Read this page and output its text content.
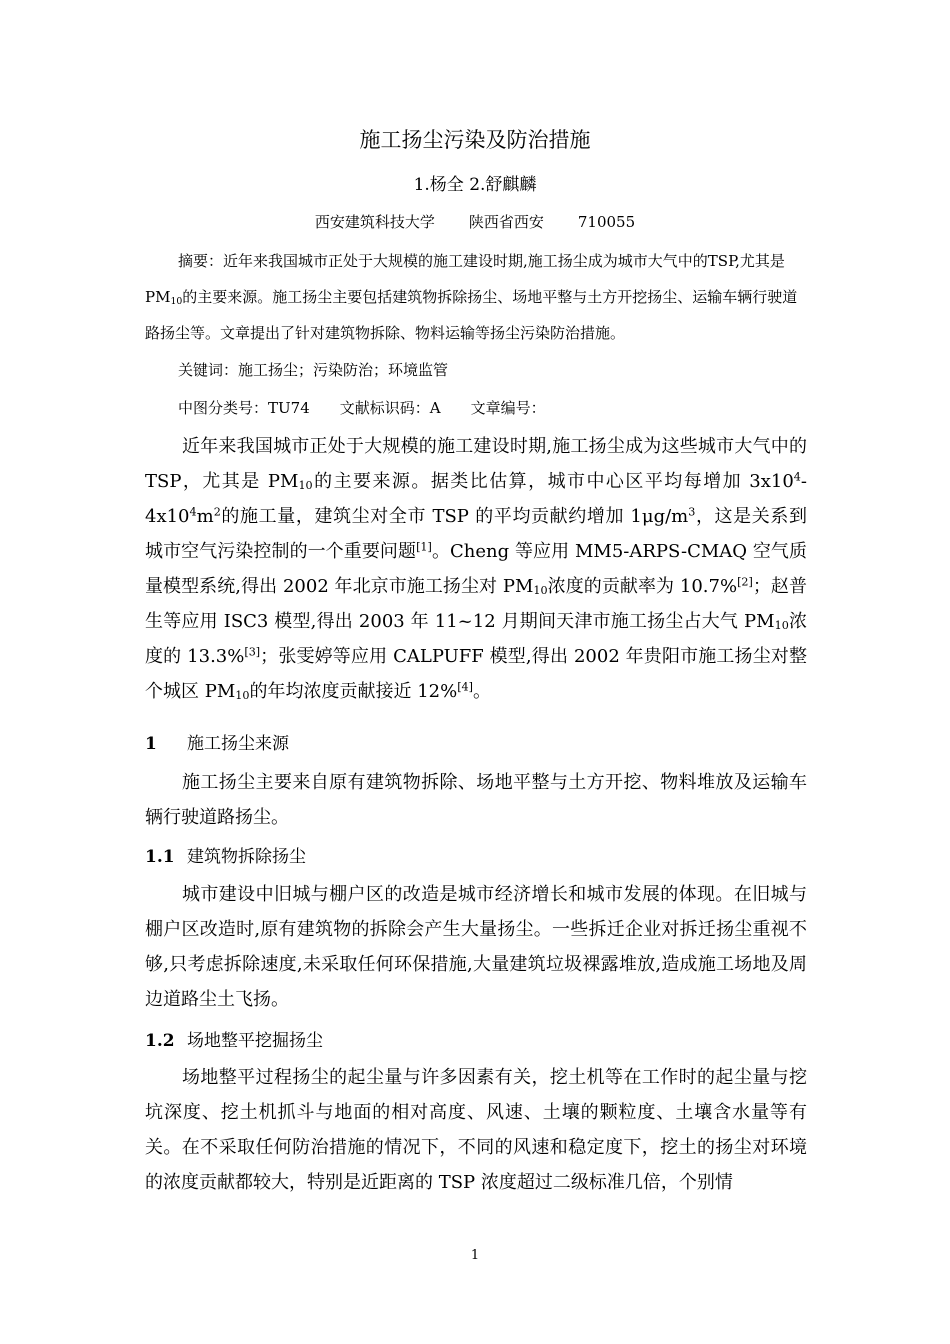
施工扬尘污染及防治措施
1.杨全 2.舒麒麟
西安建筑科技大学 陕西省西安 710055

摘要：近年来我国城市正处于大规模的施工建设时期,施工扬尘成为城市大气中的TSP,尤其是$PM_{10}$的主要来源。施工扬尘主要包括建筑物拆除扬尘、场地平整与土方开挖扬尘、运输车辆行驶道路扬尘等。文章提出了针对建筑物拆除、物料运输等扬尘污染防治措施。

关键词：施工扬尘；污染防治；环境监管
中图分类号：TU74 文献标识码：A 文章编号：

近年来我国城市正处于大规模的施工建设时期,施工扬尘成为这些城市大气中的 TSP，尤其是 $PM_{10}$的主要来源。据类比估算，城市中心区平均每增加 $3x10^4-4x10^4m^2$的施工量，建筑尘对全市 TSP 的平均贡献约增加 $1\mu g/m^3$，这是关系到城市空气污染控制的一个重要问题[1]。Cheng 等应用 MM5-ARPS-CMAQ 空气质量模型系统,得出 2002 年北京市施工扬尘对 $PM_{10}$浓度的贡献率为 10.7%[2]；赵普生等应用 ISC3 模型,得出 2003 年 11~12 月期间天津市施工扬尘占大气 $PM_{10}$浓度的 13.3%[3]；张雯婷等应用 CALPUFF 模型,得出 2002 年贵阳市施工扬尘对整个城区 $PM_{10}$的年均浓度贡献接近 12%[4]。

1 施工扬尘来源

施工扬尘主要来自原有建筑物拆除、场地平整与土方开挖、物料堆放及运输车辆行驶道路扬尘。

1.1 建筑物拆除扬尘

城市建设中旧城与棚户区的改造是城市经济增长和城市发展的体现。在旧城与棚户区改造时,原有建筑物的拆除会产生大量扬尘。一些拆迁企业对拆迁扬尘重视不够,只考虑拆除速度,未采取任何环保措施,大量建筑垃圾裸露堆放,造成施工场地及周边道路尘土飞扬。

1.2 场地整平挖掘扬尘

场地整平过程扬尘的起尘量与许多因素有关，挖土机等在工作时的起尘量与挖坑深度、挖土机抓斗与地面的相对高度、风速、土壤的颗粒度、土壤含水量等有关。在不采取任何防治措施的情况下，不同的风速和稳定度下，挖土的扬尘对环境的浓度贡献都较大，特别是近距离的 TSP 浓度超过二级标准几倍，个别情

1
